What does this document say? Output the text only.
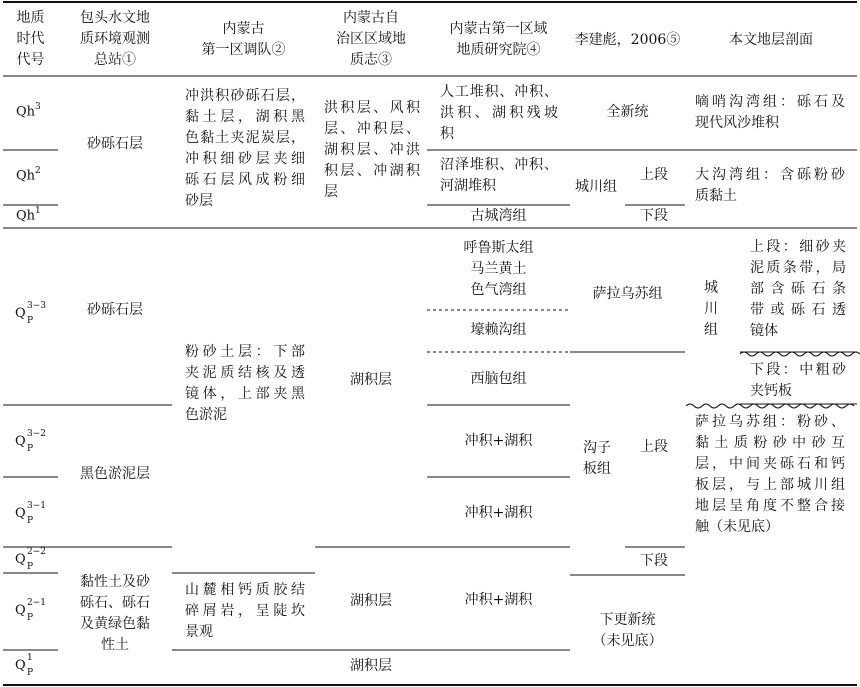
地质
时代
代号
包头水文地
质环境观测
总站①
内蒙古
第一区调队②
内蒙古自
治区区域地
质志③
内蒙古第一区域
地质研究院④
李建彪，2006⑤	本文地层剖面
Qh$^3$
Qh$^2$
Qh$^1$
Q 3−3
P
Q 3−2
P
Q 3−1
P
Q 2−2
P
Q 2−1
P
Q 1
P
砂砾石层
砂砾石层
黑色淤泥层
黏性土及砂
砾石、砾石
及黄绿色黏
性土
冲洪积砂砾石层，
黏土层，湖积黑
色黏土夹泥炭层，
冲积细砂层夹细
砾石层风成粉细
砂层
粉砂土层：下部
夹泥质结核及透
镜体，上部夹黑
色淤泥
山麓相钙质胶结
碎屑岩，呈陡坎
景观
洪积层、风积
层、冲积层、
湖积层、冲洪
积层、冲湖积
层
湖积层
湖积层
湖积层
人工堆积、冲积、
洪积、湖积残坡
积
沼泽堆积、冲积、
河湖堆积
古城湾组
呼鲁斯太组
马兰黄土
色气湾组
壕赖沟组
西脑包组
冲积+湖积
冲积+湖积
冲积+湖积
全新统
城川组
上段
下段
萨拉乌苏组
沟子
板组
上段
下段
下更新统
（未见底）
嘀哨沟湾组：砾石及
现代风沙堆积
大沟湾组：含砾粉砂
质黏土
城
川
组
上段：细砂夹
泥质条带，局
部含砾石条
带或砾石透
镜体
下段：中粗砂
夹钙板
萨拉乌苏组：粉砂、
黏土质粉砂中砂互
层，中间夹砾石和钙
板层，与上部城川组
地层呈角度不整合接
触（未见底）
